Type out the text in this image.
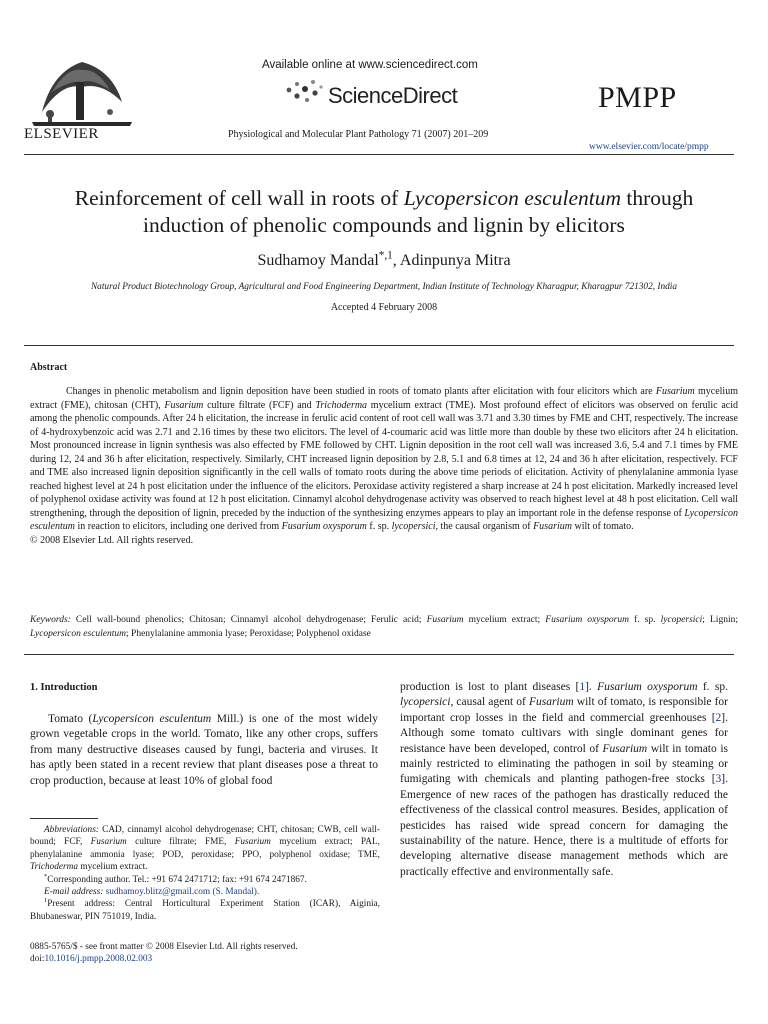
ELSEVIER
Available online at www.sciencedirect.com
ScienceDirect
Physiological and Molecular Plant Pathology 71 (2007) 201–209
PMPP
www.elsevier.com/locate/pmpp
Reinforcement of cell wall in roots of Lycopersicon esculentum through induction of phenolic compounds and lignin by elicitors
Sudhamoy Mandal$^{*,1}$, Adinpunya Mitra
Natural Product Biotechnology Group, Agricultural and Food Engineering Department, Indian Institute of Technology Kharagpur, Kharagpur 721302, India
Accepted 4 February 2008
Abstract
Changes in phenolic metabolism and lignin deposition have been studied in roots of tomato plants after elicitation with four elicitors which are Fusarium mycelium extract (FME), chitosan (CHT), Fusarium culture filtrate (FCF) and Trichoderma mycelium extract (TME). Most profound effect of elicitors was observed on ferulic acid among the phenolic compounds. After 24 h elicitation, the increase in ferulic acid content of root cell wall was 3.71 and 3.30 times by FME and CHT, respectively. The increase of 4-hydroxybenzoic acid was 2.71 and 2.16 times by these two elicitors. The level of 4-coumaric acid was little more than double by these two elicitors after 24 h elicitation. Most pronounced increase in lignin synthesis was also effected by FME followed by CHT. Lignin deposition in the root cell wall was increased 3.6, 5.4 and 7.1 times by FME during 12, 24 and 36 h after elicitation, respectively. Similarly, CHT increased lignin deposition by 2.8, 5.1 and 6.8 times at 12, 24 and 36 h after elicitation, respectively. FCF and TME also increased lignin deposition significantly in the cell walls of tomato roots during the above time periods of elicitation. Activity of phenylalanine ammonia lyase reached highest level at 24 h post elicitation under the influence of the elicitors. Peroxidase activity registered a sharp increase at 24 h post elicitation. Markedly increased level of polyphenol oxidase activity was found at 12 h post elicitation. Cinnamyl alcohol dehydrogenase activity was observed to reach highest level at 48 h post elicitation. Cell wall strengthening, through the deposition of lignin, preceded by the induction of the synthesizing enzymes appears to play an important role in the defense response of Lycopersicon esculentum in reaction to elicitors, including one derived from Fusarium oxysporum f. sp. lycopersici, the causal organism of Fusarium wilt of tomato.
© 2008 Elsevier Ltd. All rights reserved.
Keywords: Cell wall-bound phenolics; Chitosan; Cinnamyl alcohol dehydrogenase; Ferulic acid; Fusarium mycelium extract; Fusarium oxysporum f. sp. lycopersici; Lignin; Lycopersicon esculentum; Phenylalanine ammonia lyase; Peroxidase; Polyphenol oxidase
1. Introduction
Tomato (Lycopersicon esculentum Mill.) is one of the most widely grown vegetable crops in the world. Tomato, like any other crops, suffers from many destructive diseases caused by fungi, bacteria and viruses. It has aptly been stated in a recent review that plant diseases pose a threat to crop production, because at least 10% of global food

Abbreviations: CAD, cinnamyl alcohol dehydrogenase; CHT, chitosan; CWB, cell wall-bound; FCF, Fusarium culture filtrate; FME, Fusarium mycelium extract; PAL, phenylalanine ammonia lyase; POD, peroxidase; PPO, polyphenol oxidase; TME, Trichoderma mycelium extract.

*Corresponding author. Tel.: +91 674 2471712; fax: +91 674 2471867.

E-mail address: sudhamoy.blitz@gmail.com (S. Mandal).

$^1$Present address: Central Horticultural Experiment Station (ICAR), Aiginia, Bhubaneswar, PIN 751019, India.

0885-5765/$ - see front matter © 2008 Elsevier Ltd. All rights reserved.
doi:10.1016/j.pmpp.2008.02.003
production is lost to plant diseases [1]. Fusarium oxysporum f. sp. lycopersici, causal agent of Fusarium wilt of tomato, is responsible for important crop losses in the field and commercial greenhouses [2]. Although some tomato cultivars with single dominant genes for resistance have been developed, control of Fusarium wilt in tomato is mainly restricted to eliminating the pathogen in soil by steaming or fumigating with chemicals and planting pathogen-free stocks [3]. Emergence of new races of the pathogen has drastically reduced the effectiveness of the classical control measures. Besides, application of pesticides has raised wide spread concern for damaging the sustainability of the nature. Hence, there is a multitude of efforts for developing alternative disease management methods which are practically effective and environmentally safe.
